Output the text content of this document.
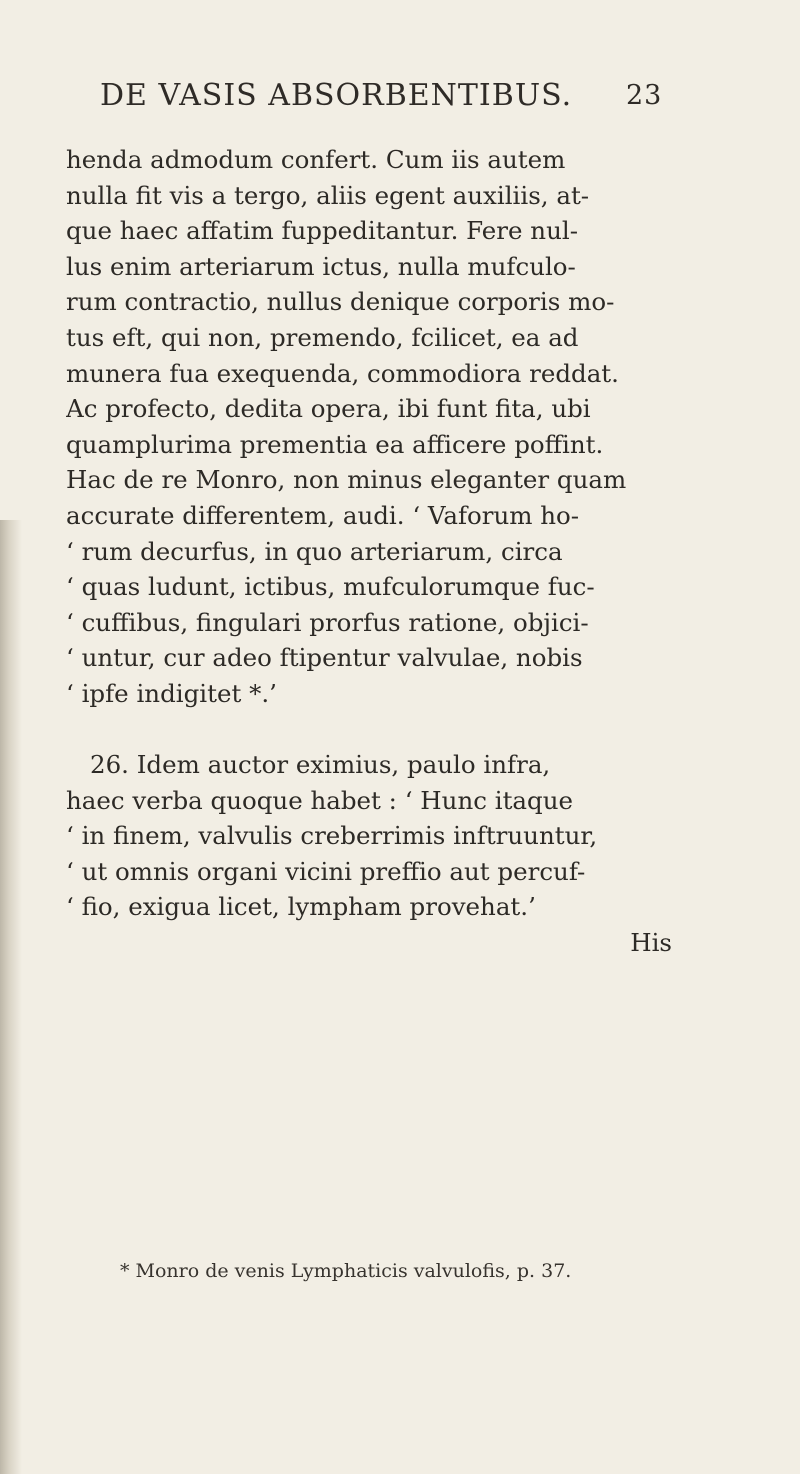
DE VASIS ABSORBENTIBUS. 23
henda admodum confert. Cum iis autem
nulla fit vis a tergo, aliis egent auxiliis, at-
que haec affatim fuppeditantur. Fere nul-
lus enim arteriarum ictus, nulla mufculo-
rum contractio, nullus denique corporis mo-
tus eft, qui non, premendo, fcilicet, ea ad
munera fua exequenda, commodiora reddat.
Ac profecto, dedita opera, ibi funt fita, ubi
quamplurima prementia ea afficere poffint.
Hac de re Monro, non minus eleganter quam
accurate differentem, audi. ‘ Vaforum ho-
‘ rum decurfus, in quo arteriarum, circa
‘ quas ludunt, ictibus, mufculorumque fuc-
‘ cuffibus, fingulari prorfus ratione, objici-
‘ untur, cur adeo ftipentur valvulae, nobis
‘ ipfe indigitet *.’
26. Idem auctor eximius, paulo infra,
haec verba quoque habet : ‘ Hunc itaque
‘ in finem, valvulis creberrimis inftruuntur,
‘ ut omnis organi vicini preffio aut percuf-
‘ fio, exigua licet, lympham provehat.’
His
* Monro de venis Lymphaticis valvulofis, p. 37.
